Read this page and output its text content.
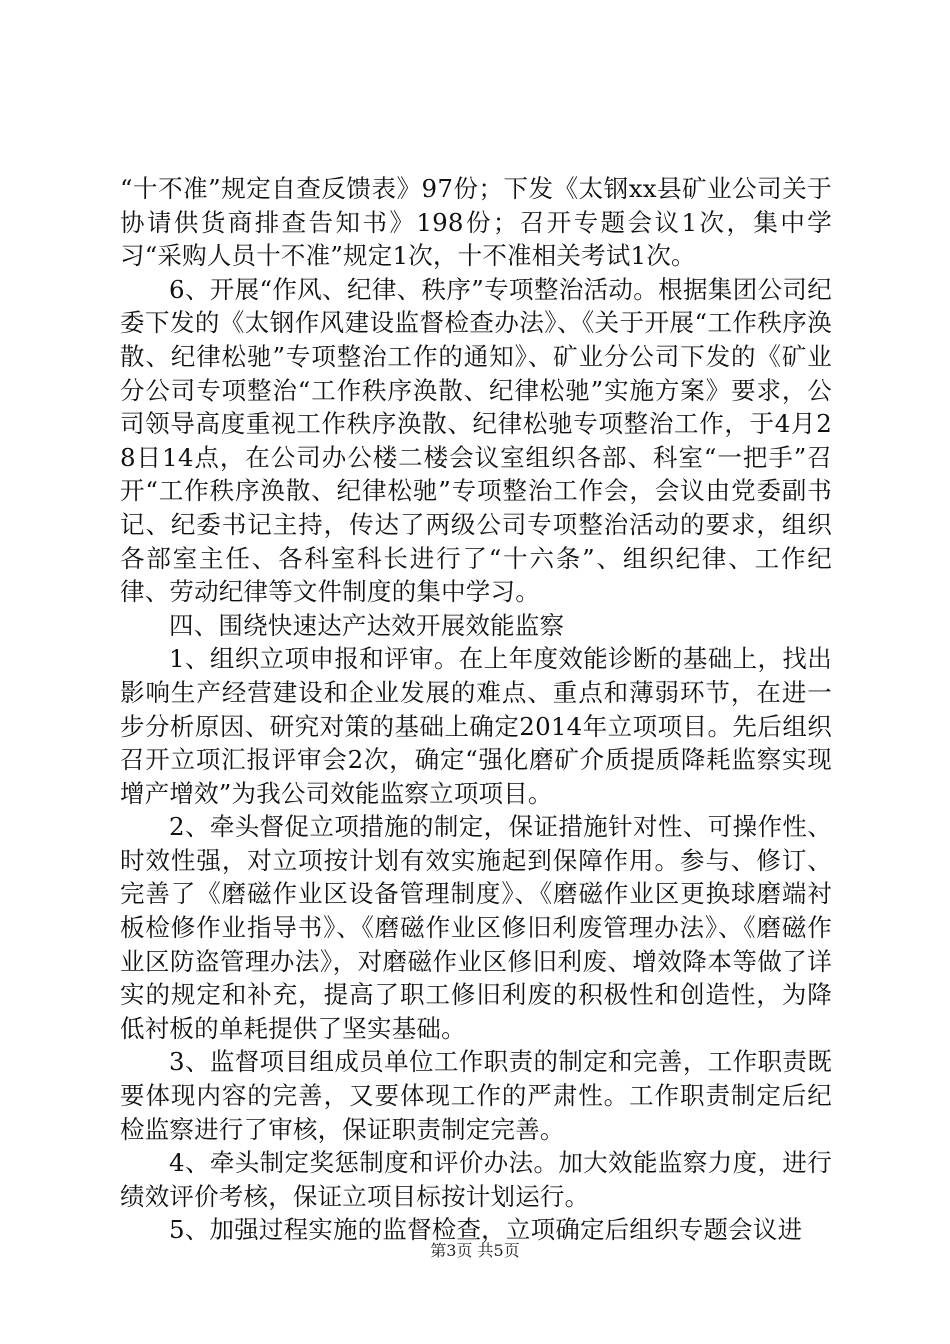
“十不准”规定自查反馈表》97份；下发《太钢xx县矿业公司关于协请供货商排查告知书》198份；召开专题会议1次，集中学习“采购人员十不准”规定1次，十不准相关考试1次。

6、开展“作风、纪律、秩序”专项整治活动。根据集团公司纪委下发的《太钢作风建设监督检查办法》、《关于开展“工作秩序涣散、纪律松驰”专项整治工作的通知》、矿业分公司下发的《矿业分公司专项整治“工作秩序涣散、纪律松驰”实施方案》要求，公司领导高度重视工作秩序涣散、纪律松驰专项整治工作，于4月28日14点，在公司办公楼二楼会议室组织各部、科室“一把手”召开“工作秩序涣散、纪律松驰”专项整治工作会，会议由党委副书记、纪委书记主持，传达了两级公司专项整治活动的要求，组织各部室主任、各科室科长进行了“十六条”、组织纪律、工作纪律、劳动纪律等文件制度的集中学习。

四、围绕快速达产达效开展效能监察

1、组织立项申报和评审。在上年度效能诊断的基础上，找出影响生产经营建设和企业发展的难点、重点和薄弱环节，在进一步分析原因、研究对策的基础上确定2014年立项项目。先后组织召开立项汇报评审会2次，确定“强化磨矿介质提质降耗监察实现增产增效”为我公司效能监察立项项目。

2、牵头督促立项措施的制定，保证措施针对性、可操作性、时效性强，对立项按计划有效实施起到保障作用。参与、修订、完善了《磨磁作业区设备管理制度》、《磨磁作业区更换球磨端衬板检修作业指导书》、《磨磁作业区修旧利废管理办法》、《磨磁作业区防盗管理办法》，对磨磁作业区修旧利废、增效降本等做了详实的规定和补充，提高了职工修旧利废的积极性和创造性，为降低衬板的单耗提供了坚实基础。

3、监督项目组成员单位工作职责的制定和完善，工作职责既要体现内容的完善，又要体现工作的严肃性。工作职责制定后纪检监察进行了审核，保证职责制定完善。

4、牵头制定奖惩制度和评价办法。加大效能监察力度，进行绩效评价考核，保证立项目标按计划运行。

5、加强过程实施的监督检查，立项确定后组织专题会议进

第3页 共5页
